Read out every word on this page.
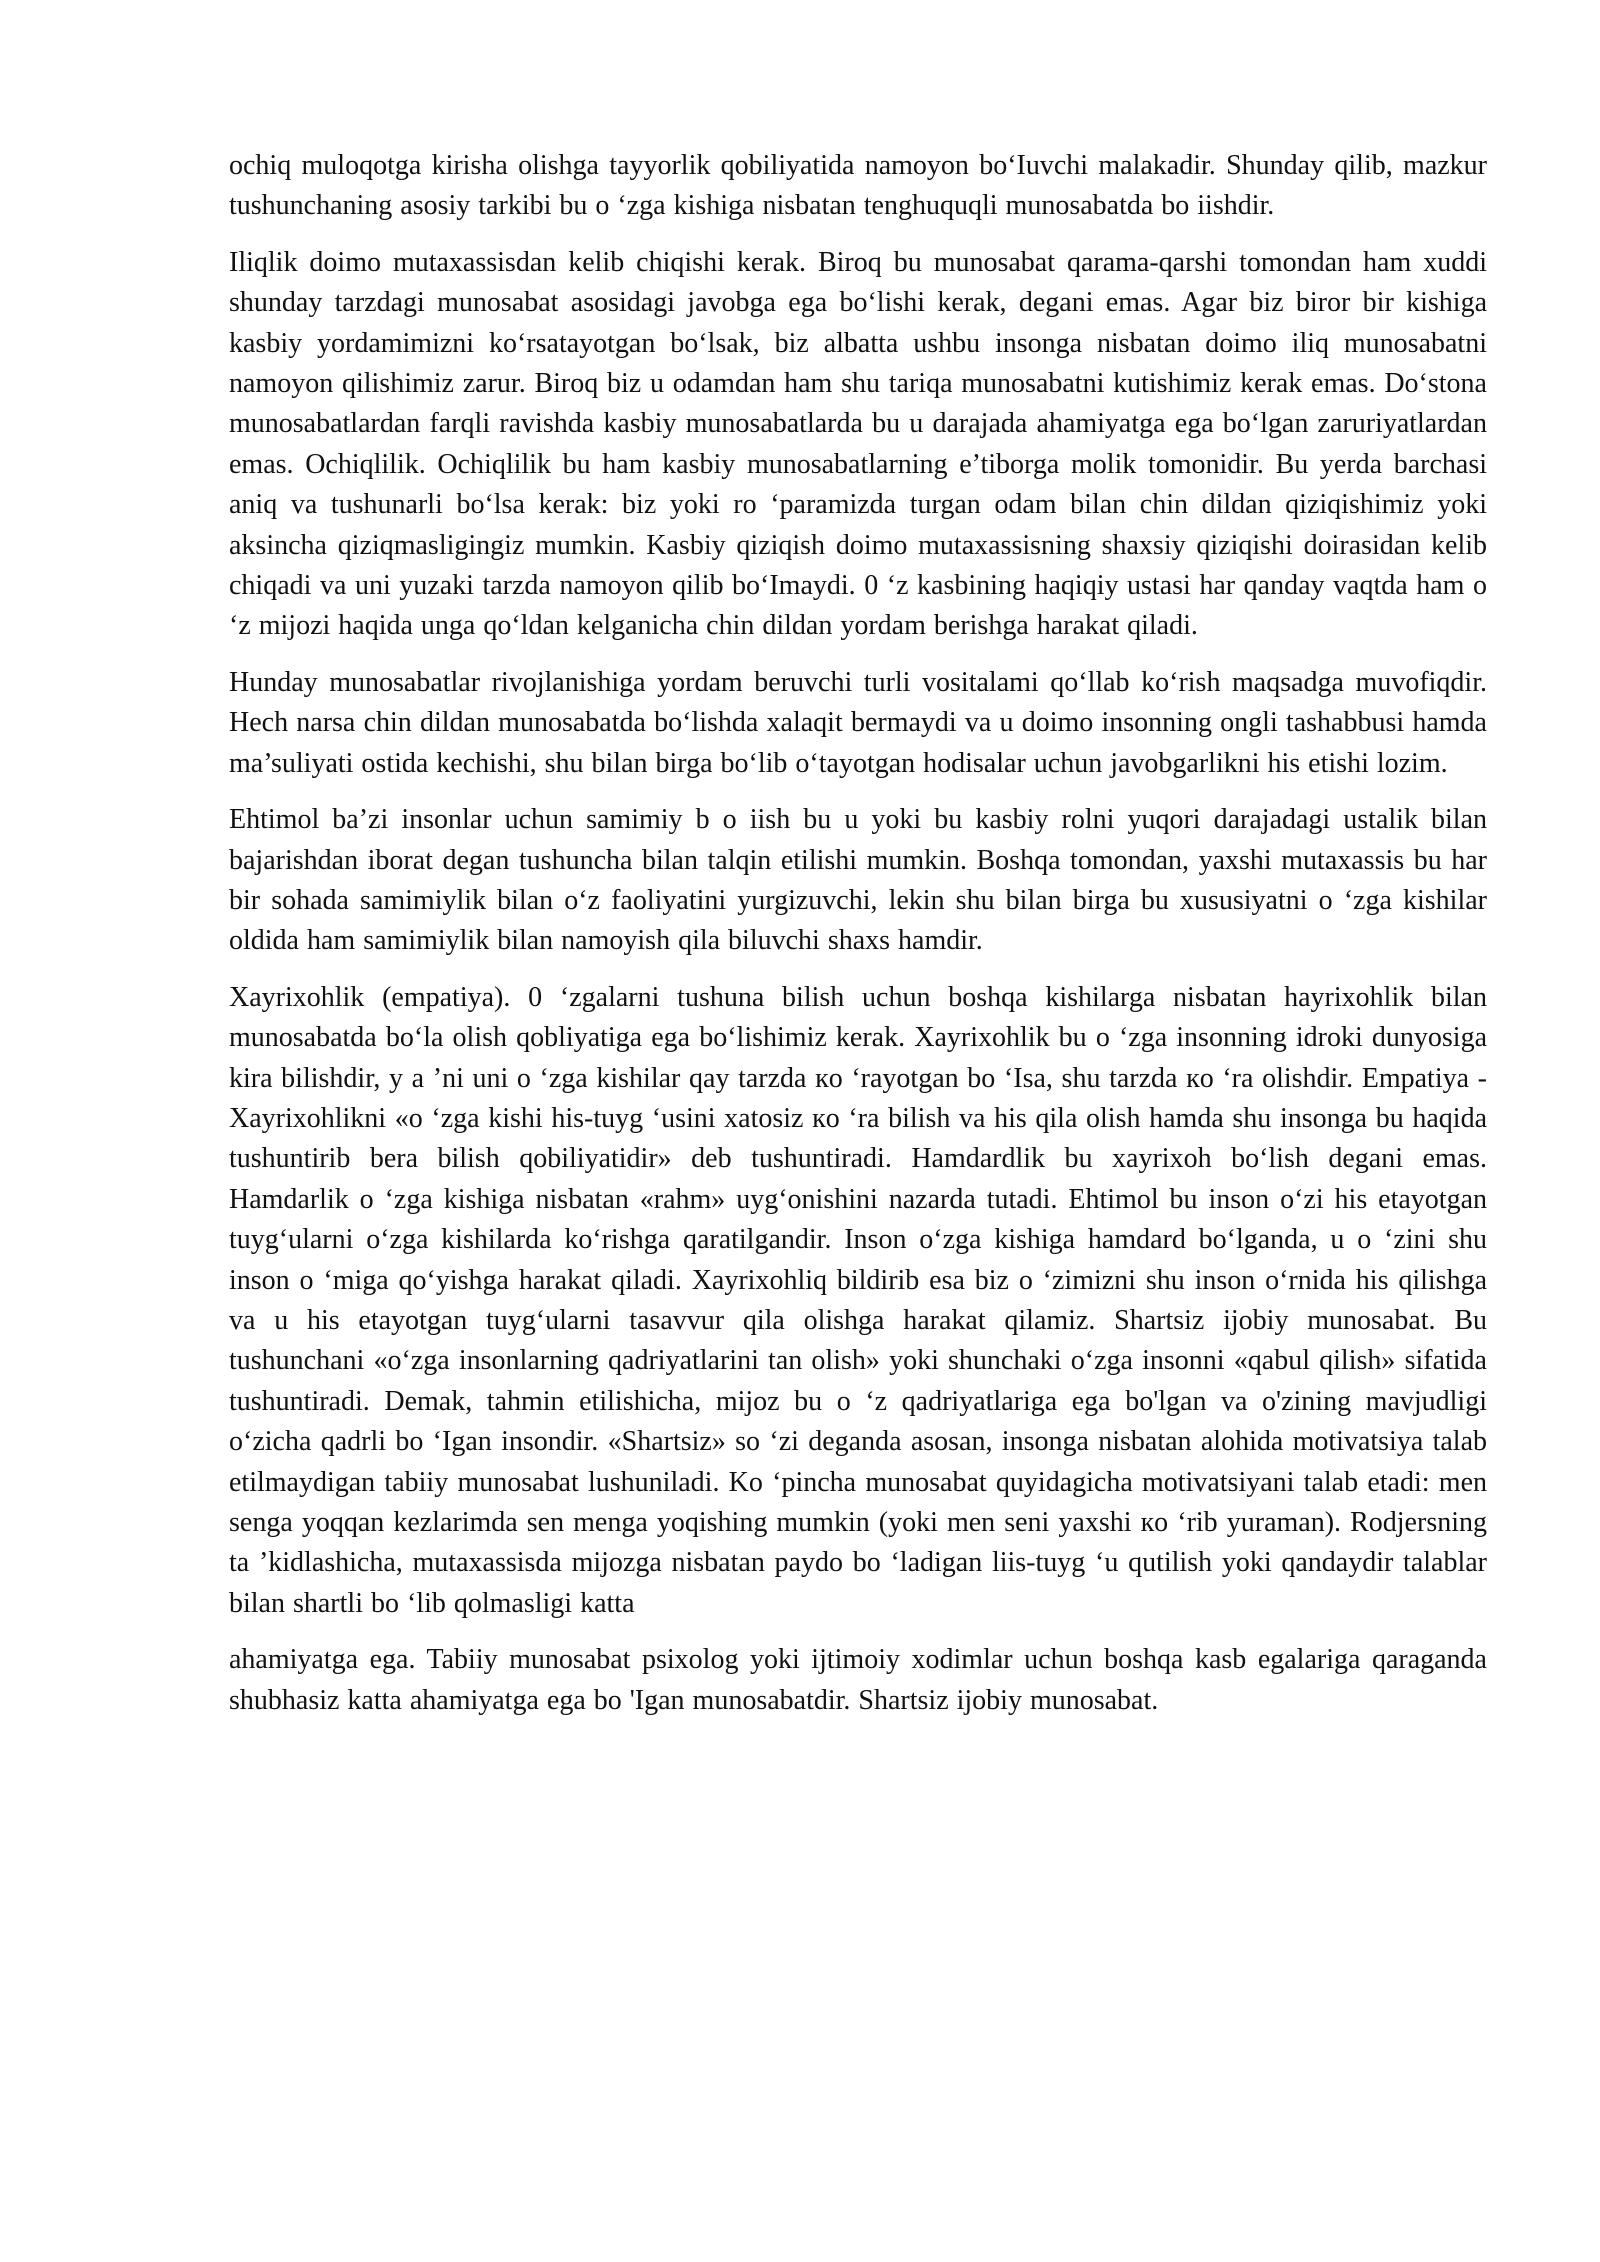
ochiq muloqotga kirisha olishga tayyorlik qobiliyatida namoyon bo‘Iuvchi malakadir. Shunday qilib, mazkur tushunchaning asosiy tarkibi bu o ‘zga kishiga nisbatan tenghuquqli munosabatda bo iishdir.

Iliqlik doimo mutaxassisdan kelib chiqishi kerak. Biroq bu munosabat qarama-qarshi tomondan ham xuddi shunday tarzdagi munosabat asosidagi javobga ega bo‘lishi kerak, degani emas. Agar biz biror bir kishiga kasbiy yordamimizni ko‘rsatayotgan bo‘lsak, biz albatta ushbu insonga nisbatan doimo iliq munosabatni namoyon qilishimiz zarur. Biroq biz u odamdan ham shu tariqa munosabatni kutishimiz kerak emas. Do‘stona munosabatlardan farqli ravishda kasbiy munosabatlarda bu u darajada ahamiyatga ega bo‘lgan zaruriyatlardan emas. Ochiqlilik. Ochiqlilik bu ham kasbiy munosabatlarning e’tiborga molik tomonidir. Bu yerda barchasi aniq va tushunarli bo‘lsa kerak: biz yoki ro ‘paramizda turgan odam bilan chin dildan qiziqishimiz yoki aksincha qiziqmasligingiz mumkin. Kasbiy qiziqish doimo mutaxassisning shaxsiy qiziqishi doirasidan kelib chiqadi va uni yuzaki tarzda namoyon qilib bo‘Imaydi. 0 ‘z kasbining haqiqiy ustasi har qanday vaqtda ham o ‘z mijozi haqida unga qo‘ldan kelganicha chin dildan yordam berishga harakat qiladi.

Hunday munosabatlar rivojlanishiga yordam beruvchi turli vositalami qo‘llab ko‘rish maqsadga muvofiqdir. Hech narsa chin dildan munosabatda bo‘lishda xalaqit bermaydi va u doimo insonning ongli tashabbusi hamda ma’suliyati ostida kechishi, shu bilan birga bo‘lib o‘tayotgan hodisalar uchun javobgarlikni his etishi lozim.

Ehtimol ba’zi insonlar uchun samimiy b o iish bu u yoki bu kasbiy rolni yuqori darajadagi ustalik bilan bajarishdan iborat degan tushuncha bilan talqin etilishi mumkin. Boshqa tomondan, yaxshi mutaxassis bu har bir sohada samimiylik bilan o‘z faoliyatini yurgizuvchi, lekin shu bilan birga bu xususiyatni o ‘zga kishilar oldida ham samimiylik bilan namoyish qila biluvchi shaxs hamdir.

Xayrixohlik (empatiya). 0 ‘zgalarni tushuna bilish uchun boshqa kishilarga nisbatan hayrixohlik bilan munosabatda bo‘la olish qobliyatiga ega bo‘lishimiz kerak. Xayrixohlik bu o ‘zga insonning idroki dunyosiga kira bilishdir, y a ’ni uni o ‘zga kishilar qay tarzda кo ‘rayotgan bo ‘Isa, shu tarzda кo ‘ra olishdir. Empatiya - Xayrixohlikni «o ‘zga kishi his-tuyg ‘usini xatosiz кo ‘ra bilish va his qila olish hamda shu insonga bu haqida tushuntirib bera bilish qobiliyatidir» deb tushuntiradi. Hamdardlik bu xayrixoh bo‘lish degani emas. Hamdarlik o ‘zga kishiga nisbatan «rahm» uyg‘onishini nazarda tutadi. Ehtimol bu inson o‘zi his etayotgan tuyg‘ularni o‘zga kishilarda ko‘rishga qaratilgandir. Inson o‘zga kishiga hamdard bo‘lganda, u o ‘zini shu inson o ‘miga qo‘yishga harakat qiladi. Xayrixohliq bildirib esa biz o ‘zimizni shu inson o‘rnida his qilishga va u his etayotgan tuyg‘ularni tasavvur qila olishga harakat qilamiz. Shartsiz ijobiy munosabat. Bu tushunchani «o‘zga insonlarning qadriyatlarini tan olish» yoki shunchaki o‘zga insonni «qabul qilish» sifatida tushuntiradi. Demak, tahmin etilishicha, mijoz bu o ‘z qadriyatlariga ega bo'lgan va o'zining mavjudligi o‘zicha qadrli bo ‘Igan insondir. «Shartsiz» so ‘zi deganda asosan, insonga nisbatan alohida motivatsiya talab etilmaydigan tabiiy munosabat lushuniladi. Ko ‘pincha munosabat quyidagicha motivatsiyani talab etadi: men senga yoqqan kezlarimda sen menga yoqishing mumkin (yoki men seni yaxshi кo ‘rib yuraman). Rodjersning ta ’kidlashicha, mutaxassisda mijozga nisbatan paydo bo ‘ladigan liis-tuyg ‘u qutilish yoki qandaydir talablar bilan shartli bo ‘lib qolmasligi katta

ahamiyatga ega. Tabiiy munosabat psixolog yoki ijtimoiy xodimlar uchun boshqa kasb egalariga qaraganda shubhasiz katta ahamiyatga ega bo 'Igan munosabatdir. Shartsiz ijobiy munosabat.
